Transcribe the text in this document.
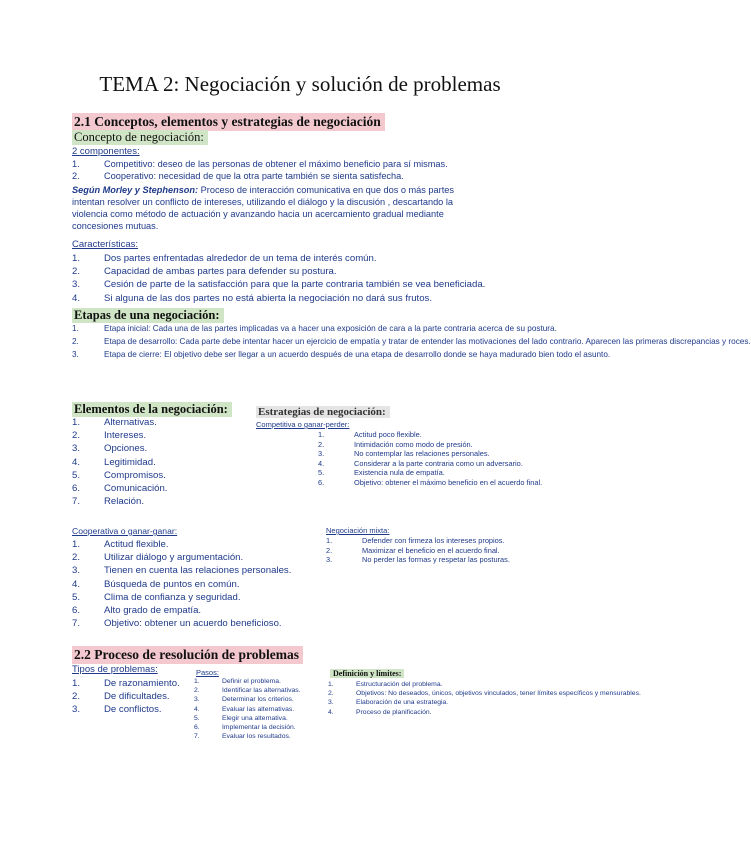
TEMA 2: Negociación y solución de problemas
2.1 Conceptos, elementos y estrategias de negociación
Concepto de negociación:
2 componentes:
1.	Competitivo: deseo de las personas de obtener el máximo beneficio para sí mismas.
2.	Cooperativo: necesidad de que la otra parte también se sienta satisfecha.
Según Morley y Stephenson: Proceso de interacción comunicativa en que dos o más partes
intentan resolver un conflicto de intereses, utilizando el diálogo y la discusión , descartando la
violencia como método de actuación y avanzando hacia un acercamiento gradual mediante
concesiones mutuas.
Características:
1. Dos partes enfrentadas alrededor de un tema de interés común.
2. Capacidad de ambas partes para defender su postura.
3. Cesión de parte de la satisfacción para que la parte contraria también se vea beneficiada.
4. Si alguna de las dos partes no está abierta la negociación no dará sus frutos.
Etapas de una negociación:
1.	Etapa inicial: Cada una de las partes implicadas va a hacer una exposición de cara a la parte contraria acerca de su postura.
2.	Etapa de desarrollo: Cada parte debe intentar hacer un ejercicio de empatía y tratar de entender las motivaciones del lado contrario. Aparecen las primeras discrepancias y roces.
3.	Etapa de cierre: El objetivo debe ser llegar a un acuerdo después de una etapa de desarrollo donde se haya madurado bien todo el asunto.
Elementos de la negociación:
1. Alternativas.
2. Intereses.
3. Opciones.
4. Legitimidad.
5. Compromisos.
6. Comunicación.
7. Relación.
Estrategias de negociación:
Competitiva o ganar-perder:
1.	Actitud poco flexible.
2.	Intimidación como modo de presión.
3.	No contemplar las relaciones personales.
4.	Considerar a la parte contraria como un adversario.
5.	Existencia nula de empatía.
6.	Objetivo: obtener el máximo beneficio en el acuerdo final.
Cooperativa o ganar-ganar:
1. Actitud flexible.
2. Utilizar diálogo y argumentación.
3. Tienen en cuenta las relaciones personales.
4. Búsqueda de puntos en común.
5. Clima de confianza y seguridad.
6. Alto grado de empatía.
7. Objetivo: obtener un acuerdo beneficioso.
Negociación mixta:
1.	Defender con firmeza los intereses propios.
2.	Maximizar el beneficio en el acuerdo final.
3.	No perder las formas y respetar las posturas.
2.2 Proceso de resolución de problemas
Tipos de problemas:
1. De razonamiento.
2. De dificultades.
3. De conflictos.
Pasos:
1.	Definir el problema.
2.	Identificar las alternativas.
3.	Determinar los criterios.
4.	Evaluar las alternativas.
5.	Elegir una alternativa.
6.	Implementar la decisión.
7.	Evaluar los resultados.
Definición y límites:
1.	Estructuración del problema.
2.	Objetivos: No deseados, únicos, objetivos vinculados, tener límites específicos y mensurables.
3.	Elaboración de una estrategia.
4.	Proceso de planificación.
